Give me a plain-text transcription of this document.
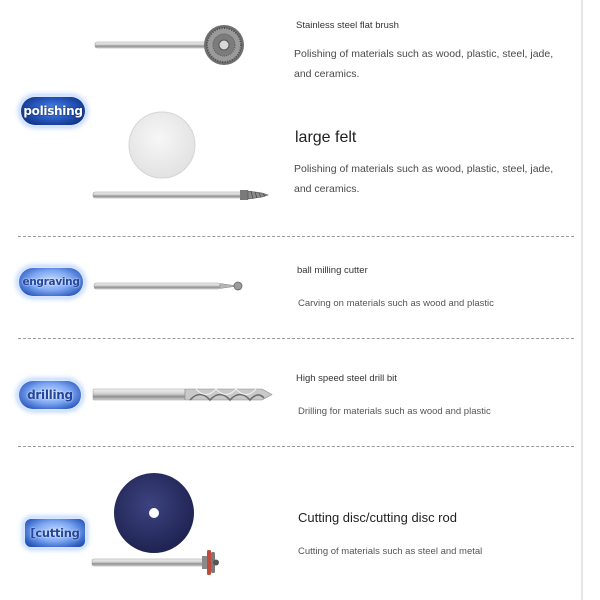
polishing
engraving
drilling
[cutting
Stainless steel flat brush
Polishing of materials such as wood, plastic, steel, jade, and ceramics.
large felt
Polishing of materials such as wood, plastic, steel, jade, and ceramics.
ball milling cutter
Carving on materials such as wood and plastic
High speed steel drill bit
Drilling for materials such as wood and plastic
Cutting disc/cutting disc rod
Cutting of materials such as steel and metal
